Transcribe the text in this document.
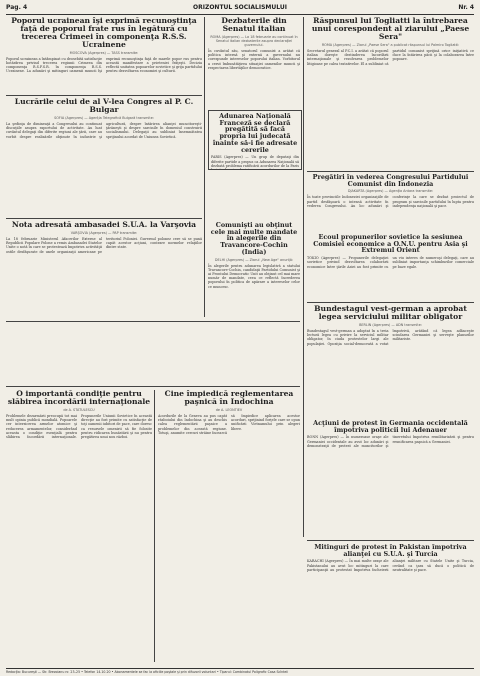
Pag. 4	ORIZONTUL SOCIALISMULUI	Nr. 4
Poporul ucrainean îşi exprimă recunoştinţa faţă de poporul frate rus în legătură cu trecerea Crimeei în componenţa R.S.S. Ucrainene
MOSCOVA (Agerpres) — TASS transmite:
Poporul ucrainean a întâmpinat cu deosebită satisfacţie hotărârea privind trecerea regiunii Crimeea din componenţa R.S.F.S.R. în componenţa R.S.S. Ucrainene. La adunări şi mitinguri oamenii muncii îşi exprimă recunoştinţa faţă de marele popor rus pentru această manifestare a prieteniei frăţeşti. Decizia reflectă unitatea popoarelor sovietice şi grija partidului pentru dezvoltarea economiei şi culturii.
Lucrările celui de al V-lea Congres al P. C. Bulgar
SOFIA (Agerpres) — Agenţia Telegrafică Bulgară transmite:
La şedinţa de dimineaţă a Congresului au continuat discuţiile asupra raportului de activitate. Au luat cuvântul delegaţi din diferite regiuni ale ţării, care au vorbit despre realizările obţinute în industrie şi agricultură, despre întărirea alianţei muncitoreşti-ţărăneşti şi despre sarcinile în domeniul construirii socialismului. Delegaţii au subliniat însemnătatea sprijinului acordat de Uniunea Sovietică.
Nota adresată ambasadei S.U.A. la Varşovia
VARŞOVIA (Agerpres) — PAP transmite:
La 18 februarie Ministerul Afacerilor Externe al Republicii Populare Polone a remis Ambasadei Statelor Unite o notă în care se protestează împotriva activităţii ostile desfăşurate de unele organizaţii americane pe teritoriul Poloniei. Guvernul polonez cere să se pună capăt acestor acţiuni, contrare normelor relaţiilor dintre state.
Dezbaterile din Senatul italian
ROMA (Agerpres) — La 18 februarie au continuat în Senatul italian dezbaterile asupra declaraţiei guvernului.
În cuvântul său, senatorul comunist a arătat că politica internă şi externă a guvernului nu corespunde intereselor poporului italian. Vorbitorul a cerut îmbunătăţirea situaţiei oamenilor muncii şi respectarea libertăţilor democratice.
Adunarea Naţională Franceză se declară pregătită să facă propria lui judecată înainte să-i fie adresate cererile
PARIS (Agerpres) — Un grup de deputaţi din diferite partide a propus ca Adunarea Naţională să dezbată problema ratificării acordurilor de la Paris înainte de orice decizie a guvernului.
Comunişti au obţinut cele mai multe mandate în alegerile din Travancore-Cochin (India)
DELHI (Agerpres) — Ziarul „New Age" anunţă:
În alegerile pentru adunarea legislativă a statului Travancore-Cochin, candidaţii Partidului Comunist şi ai Frontului Democratic Unit au obţinut cel mai mare număr de mandate, ceea ce reflectă încrederea poporului în politica de apărare a intereselor celor ce muncesc.
Răspunsul lui Togliatti la întrebarea unui corespondent al ziarului „Paese Sera"
ROMA (Agerpres) — Ziarul „Paese Sera" a publicat răspunsul lui Palmiro Togliatti:
Secretarul general al P.C.I. a arătat că poporul italian doreşte destinderea încordării internaţionale şi rezolvarea problemelor litigioase pe calea tratativelor. El a subliniat că partidul comunist sprijină orice iniţiativă ce duce la întărirea păcii şi la colaborarea între popoare.
Pregătiri în vederea Congresului Partidului Comunist din Indonezia
DJAKARTA (Agerpres) — Agenţia Antara transmite:
În toate provinciile Indoneziei organizaţiile de partid desfăşoară o intensă activitate în vederea Congresului. Au loc adunări şi conferinţe la care se dezbat proiectul de program şi sarcinile partidului în lupta pentru independenţa naţională şi pace.
Ecoul propunerilor sovietice la sesiunea Comisiei economice a O.N.U. pentru Asia şi Extremul Orient
TOKIO (Agerpres) — Propunerile delegaţiei sovietice privind dezvoltarea colaborării economice între ţările Asiei au fost primite cu un viu interes de numeroşi delegaţi, care au subliniat importanţa schimburilor comerciale pe baze egale.
Bundestagul vest-german a aprobat legea serviciului militar obligator
BERLIN (Agerpres) — ADN transmite:
Bundestagul vest-german a adoptat în a treia lectură legea cu privire la serviciul militar obligator, în ciuda protestelor largi ale populaţiei. Opoziţia social-democrată a votat împotrivă, arătând că legea adânceşte scindarea Germaniei şi serveşte planurilor militariste.
Acţiuni de protest în Germania occidentală împotriva politicii lui Adenauer
BONN (Agerpres) — În numeroase oraşe ale Germaniei occidentale au avut loc adunări şi demonstraţii de protest ale muncitorilor şi tineretului împotriva remilitarizării şi pentru reunificarea paşnică a Germaniei.
Mitinguri de protest în Pakistan împotriva alianţei cu S.U.A. şi Turcia
KARACHI (Agerpres) — În mai multe oraşe ale Pakistanului au avut loc mitinguri la care participanţii au protestat împotriva încheierii alianţei militare cu Statele Unite şi Turcia, cerând ca ţara să ducă o politică de neutralitate şi pace.
O importantă condiţie pentru slăbirea încordării internaţionale
de A. STATULESCU
Problemele dezarmării preocupă tot mai mult opinia publică mondială. Popoarele cer interzicerea armelor atomice şi reducerea armamentelor, considerând aceasta o condiţie esenţială pentru slăbirea încordării internaţionale. Propunerile Uniunii Sovietice în această direcţie au fost primite cu satisfacţie de toţi oamenii iubitori de pace, care doresc ca resursele omenirii să fie folosite pentru ridicarea bunăstării şi nu pentru pregătirea unui nou război.
Cine împiedică reglementarea paşnică în Indochina
de A. LEONTIEV
Acordurile de la Geneva au pus capăt războiului din Indochina şi au deschis calea reglementării paşnice a problemelor din această regiune. Totuşi, anumite cercuri străine încearcă să împiedice aplicarea acestor acorduri, sprijinind forţele care se opun unificării Vietnamului prin alegeri libere.
Redacţia: Bucureşti — Str. Brezoianu nr. 23–25 • Telefon 14.10.20 • Abonamentele se fac la oficiile poştale şi prin difuzorii voluntari • Tiparul: Combinatul Poligrafic Casa Scînteii
